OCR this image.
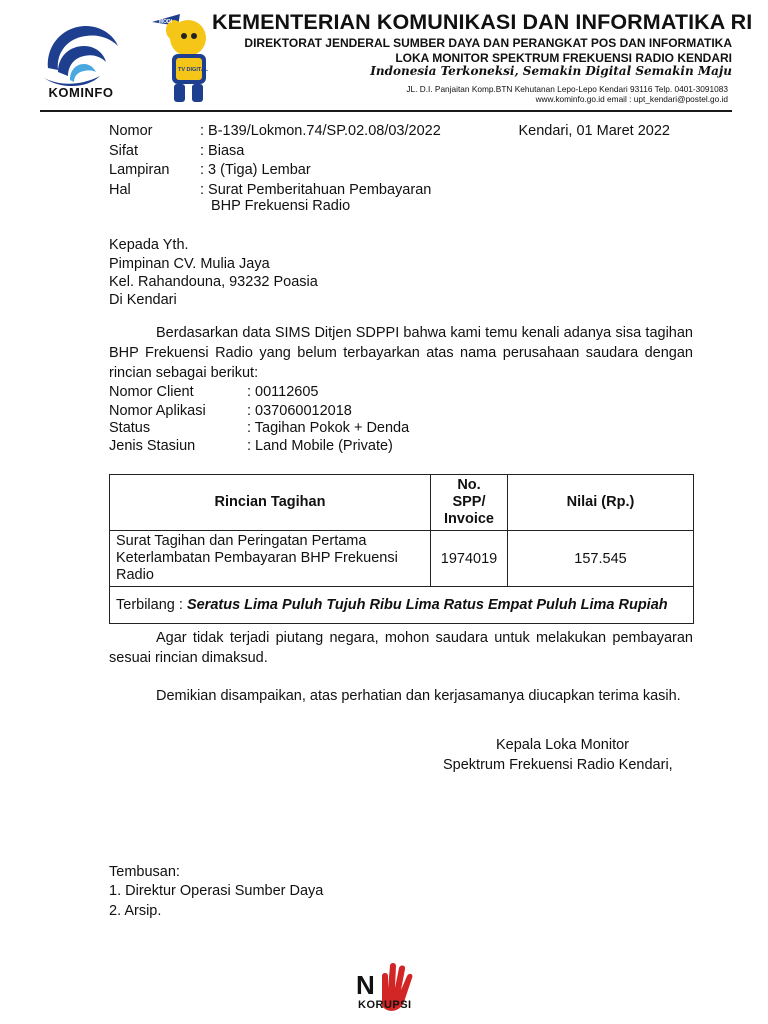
KOMINFO
MODI
TV DIGITAL
KEMENTERIAN KOMUNIKASI DAN INFORMATIKA RI
DIREKTORAT JENDERAL SUMBER DAYA DAN PERANGKAT POS DAN INFORMATIKA
LOKA MONITOR SPEKTRUM FREKUENSI RADIO KENDARI
Indonesia Terkoneksi, Semakin Digital Semakin Maju
JL. D.I. Panjaitan Komp.BTN Kehutanan Lepo-Lepo Kendari 93116 Telp. 0401-3091083
www.kominfo.go.id email : upt_kendari@postel.go.id
Nomor	: B-139/Lokmon.74/SP.02.08/03/2022	Kendari, 01 Maret 2022
Sifat	: Biasa
Lampiran : 3 (Tiga) Lembar
Hal	: Surat Pemberitahuan Pembayaran
BHP Frekuensi Radio
Kepada Yth.
Pimpinan CV. Mulia Jaya
Kel. Rahandouna, 93232 Poasia
Di Kendari
Berdasarkan data SIMS Ditjen SDPPI bahwa kami temu kenali adanya sisa tagihan BHP Frekuensi Radio yang belum terbayarkan atas nama perusahaan saudara dengan rincian sebagai berikut:
Nomor Client	: 00112605
Nomor Aplikasi	: 037060012018
Status	: Tagihan Pokok + Denda
Jenis Stasiun	: Land Mobile (Private)
Rincian Tagihan	No.
SPP/
Invoice	Nilai (Rp.)
Surat Tagihan dan Peringatan Pertama Keterlambatan Pembayaran BHP Frekuensi Radio	1974019	157.545
Terbilang : Seratus Lima Puluh Tujuh Ribu Lima Ratus Empat Puluh Lima Rupiah		
Agar tidak terjadi piutang negara, mohon saudara untuk melakukan pembayaran sesuai rincian dimaksud.
Demikian disampaikan, atas perhatian dan kerjasamanya diucapkan terima kasih.
Kepala Loka Monitor
Spektrum Frekuensi Radio Kendari,
Tembusan:
1. Direktur Operasi Sumber Daya
2. Arsip.
N
KORUPSI
